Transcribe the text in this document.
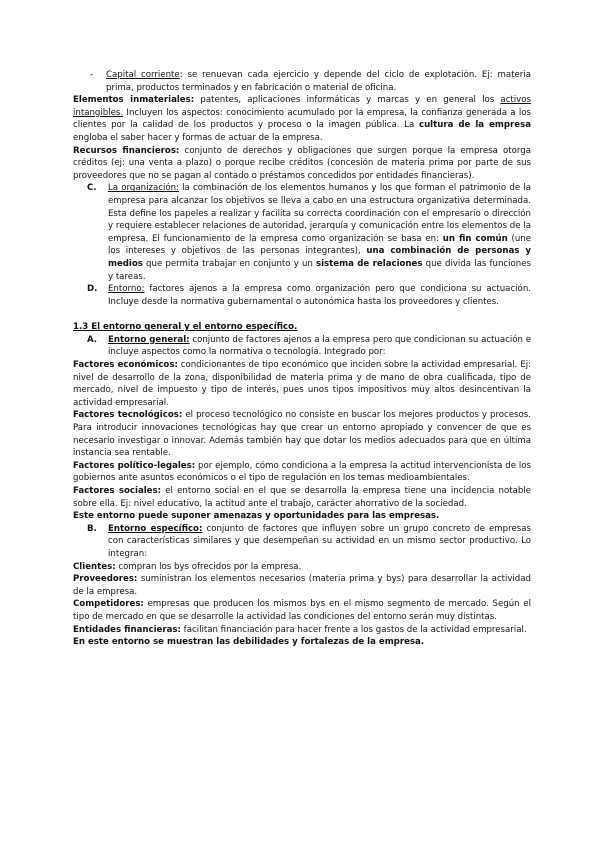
-	Capital corriente: se renuevan cada ejercicio y depende del ciclo de explotación. Ej: materia prima, productos terminados y en fabricación o material de oficina.

Elementos inmateriales: patentes, aplicaciones informáticas y marcas y en general los activos intangibles. Incluyen los aspectos: conocimiento acumulado por la empresa, la confianza generada a los clientes por la calidad de los productos y proceso o la imagen pública. La cultura de la empresa engloba el saber hacer y formas de actuar de la empresa.

Recursos financieros: conjunto de derechos y obligaciones que surgen porque la empresa otorga créditos (ej: una venta a plazo) o porque recibe créditos (concesión de materia prima por parte de sus proveedores que no se pagan al contado o préstamos concedidos por entidades financieras).

C.	La organización: la combinación de los elementos humanos y los que forman el patrimonio de la empresa para alcanzar los objetivos se lleva a cabo en una estructura organizativa determinada. Esta define los papeles a realizar y facilita su correcta coordinación con el empresario o dirección y requiere establecer relaciones de autoridad, jerarquía y comunicación entre los elementos de la empresa. El funcionamiento de la empresa como organización se basa en: un fin común (une los intereses y objetivos de las personas integrantes), una combinación de personas y medios que permita trabajar en conjunto y un sistema de relaciones que divida las funciones y tareas.
D.	Entorno: factores ajenos a la empresa como organización pero que condiciona su actuación. Incluye desde la normativa gubernamental o autonómica hasta los proveedores y clientes.

1.3 El entorno general y el entorno específico.

A.	Entorno general: conjunto de factores ajenos a la empresa pero que condicionan su actuación e incluye aspectos como la normativa o tecnología. Integrado por:

Factores económicos: condicionantes de tipo económico que inciden sobre la actividad empresarial. Ej: nivel de desarrollo de la zona, disponibilidad de materia prima y de mano de obra cualificada, tipo de mercado, nivel de impuesto y tipo de interés, pues unos tipos impositivos muy altos desincentivan la actividad empresarial.

Factores tecnológicos: el proceso tecnológico no consiste en buscar los mejores productos y procesos. Para introducir innovaciones tecnológicas hay que crear un entorno apropiado y convencer de que es necesario investigar o innovar. Además también hay que dotar los medios adecuados para que en última instancia sea rentable.

Factores político-legales: por ejemplo, cómo condiciona a la empresa la actitud intervencionista de los gobiernos ante asuntos económicos o el tipo de regulación en los temas medioambientales.

Factores sociales: el entorno social en el que se desarrolla la empresa tiene una incidencia notable sobre ella. Ej: nivel educativo, la actitud ante el trabajo, carácter ahorrativo de la sociedad.

Este entorno puede suponer amenazas y oportunidades para las empresas.

B.	Entorno específico: conjunto de factores que influyen sobre un grupo concreto de empresas con características similares y que desempeñan su actividad en un mismo sector productivo. Lo integran:

Clientes: compran los bys ofrecidos por la empresa.

Proveedores: suministran los elementos necesarios (materia prima y bys) para desarrollar la actividad de la empresa.

Competidores: empresas que producen los mismos bys en el mismo segmento de mercado. Según el tipo de mercado en que se desarrolle la actividad las condiciones del entorno serán muy distintas.

Entidades financieras: facilitan financiación para hacer frente a los gastos de la actividad empresarial.

En este entorno se muestran las debilidades y fortalezas de la empresa.
